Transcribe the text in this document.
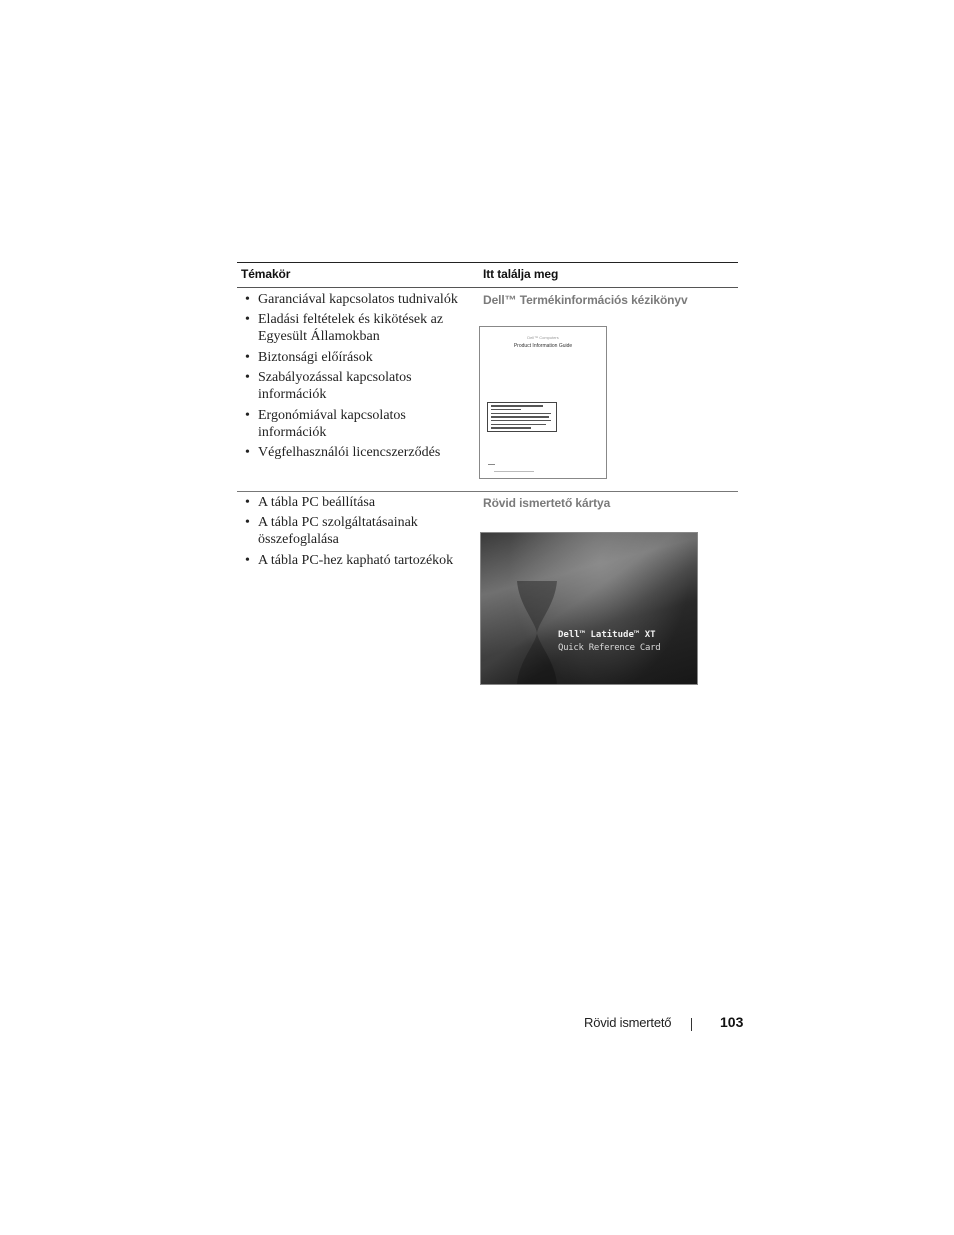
Témakör	Itt találja meg
• Garanciával kapcsolatos tudnivalók
• Eladási feltételek és kikötések az Egyesült Államokban
• Biztonsági előírások
• Szabályozással kapcsolatos információk
• Ergonómiával kapcsolatos információk
• Végfelhasználói licencszerződés
Dell™ Termékinformációs kézikönyv
Dell™ Computers
Product Information Guide
• A tábla PC beállítása
• A tábla PC szolgáltatásainak összefoglalása
• A tábla PC-hez kapható tartozékok
Rövid ismertető kártya
Dell™ Latitude™ XT
Quick Reference Card
Rövid ismertető	103
